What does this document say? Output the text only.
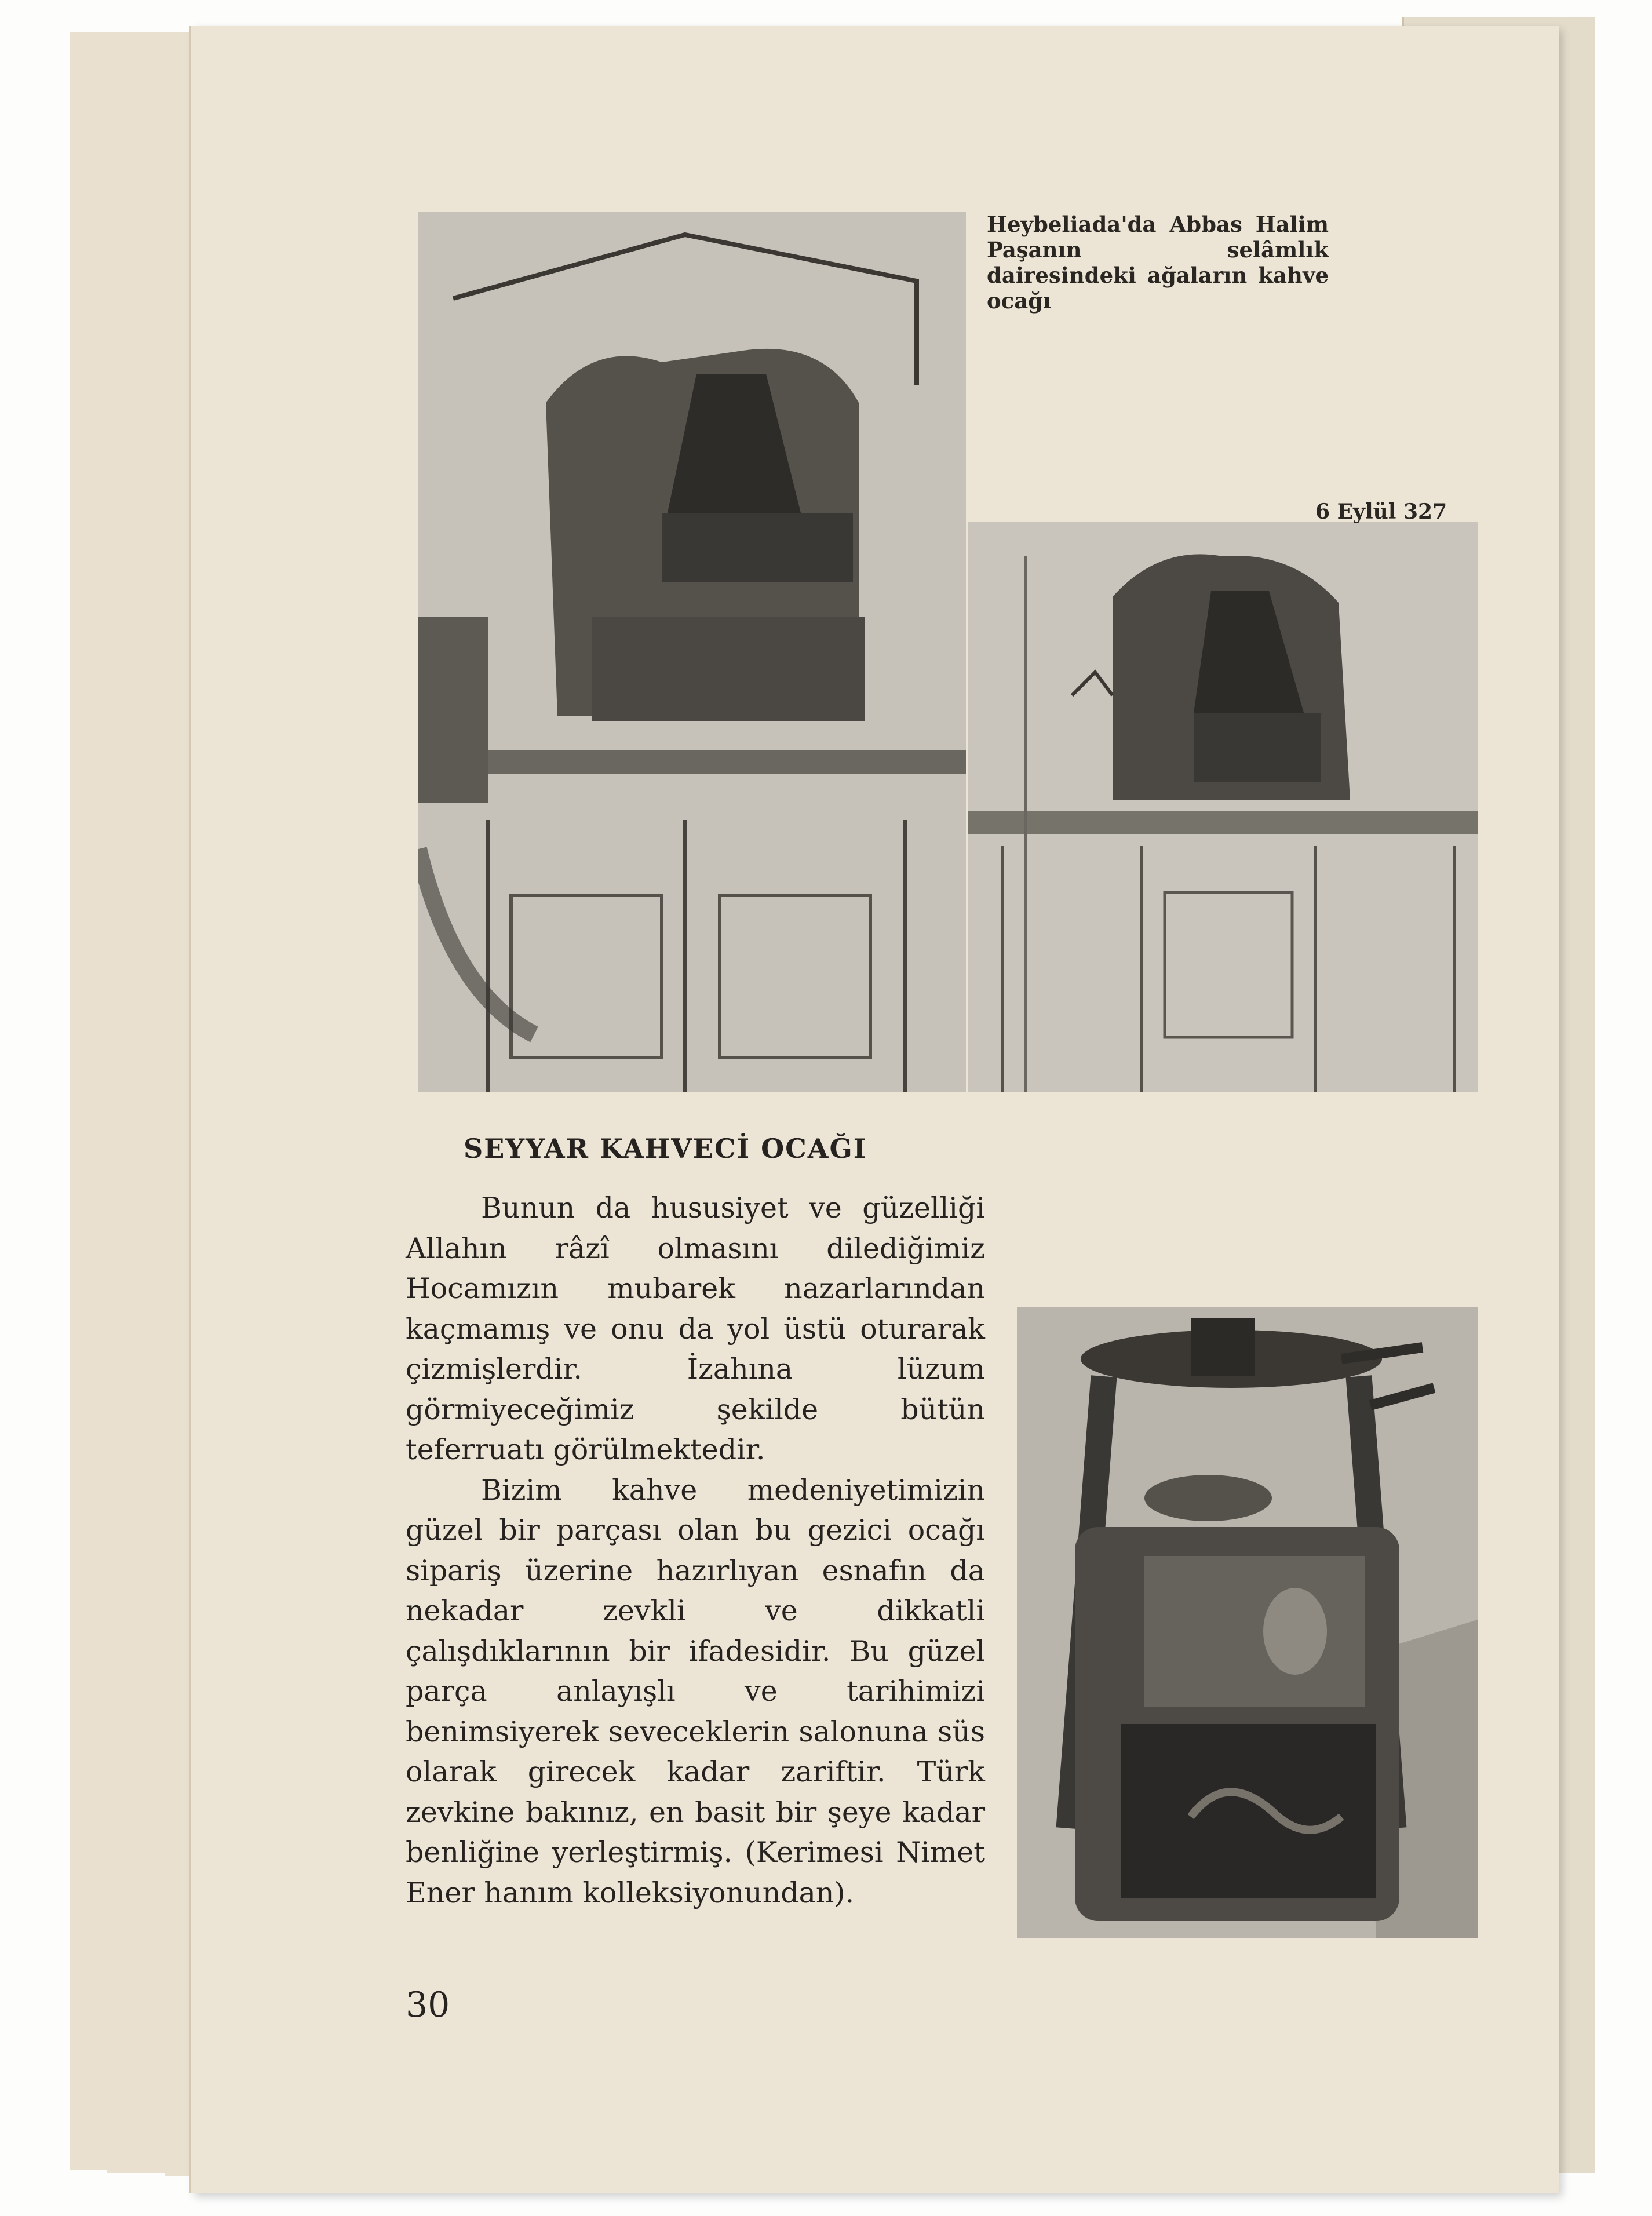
Heybeliada'da Abbas Halim Paşanın selâmlık dairesindeki ağaların kahve ocağı
6 Eylül 327
SEYYAR KAHVECİ OCAĞI

Bunun da hususiyet ve güzelliği Allahın râzî olmasını dilediğimiz Hocamızın mubarek nazarlarından kaçmamış ve onu da yol üstü oturarak çizmişlerdir. İzahına lüzum görmiyeceğimiz şekilde bütün teferruatı görülmektedir.

Bizim kahve medeniyetimizin güzel bir parçası olan bu gezici ocağı sipariş üzerine hazırlıyan esnafın da nekadar zevkli ve dikkatli çalışdıklarının bir ifadesidir. Bu güzel parça anlayışlı ve tarihimizi benimsiyerek seveceklerin salonuna süs olarak girecek kadar zariftir. Türk zevkine bakınız, en basit bir şeye kadar benliğine yerleştirmiş. (Kerimesi Nimet Ener hanım kolleksiyonundan).

30
